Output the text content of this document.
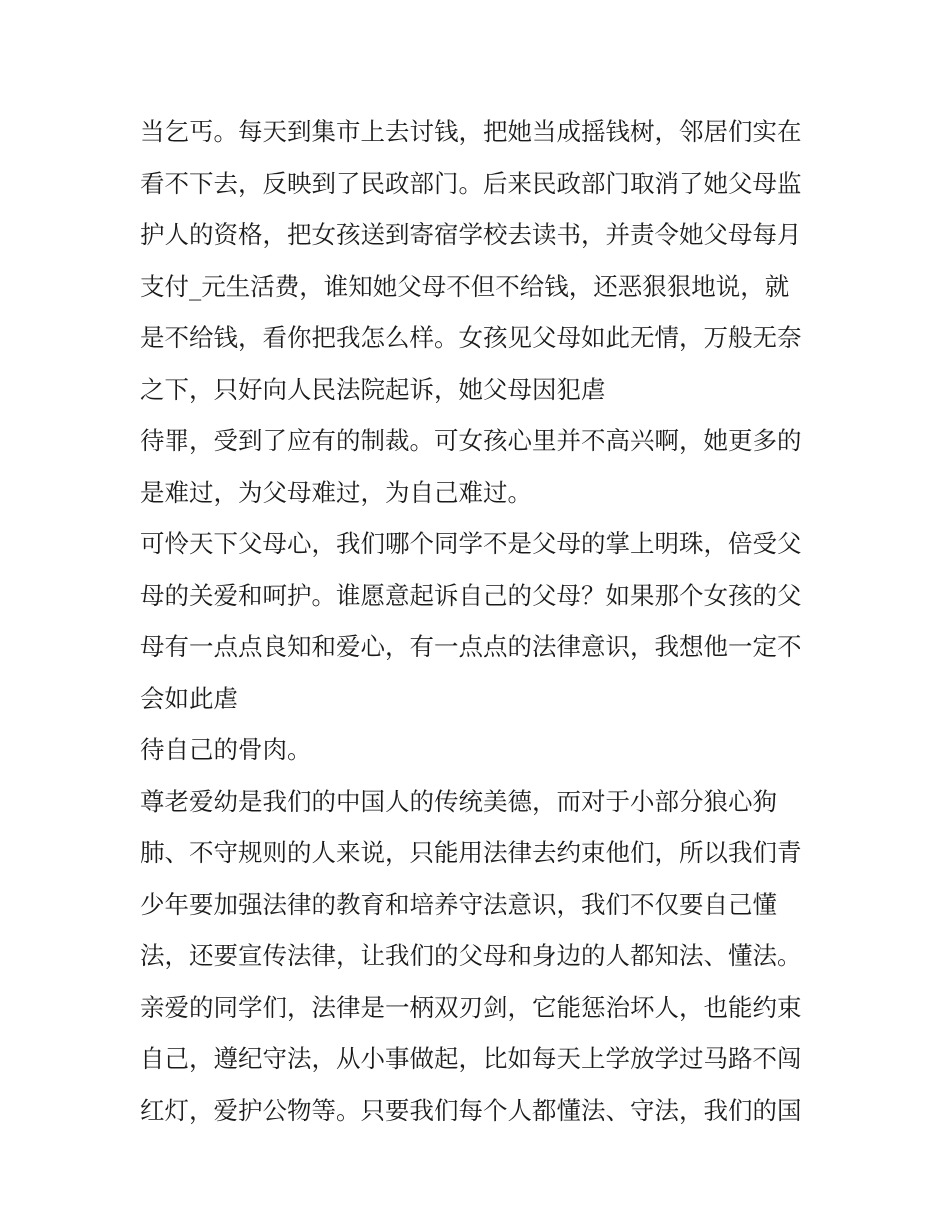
当乞丐。每天到集市上去讨钱，把她当成摇钱树，邻居们实在
看不下去，反映到了民政部门。后来民政部门取消了她父母监
护人的资格，把女孩送到寄宿学校去读书，并责令她父母每月
支付_元生活费，谁知她父母不但不给钱，还恶狠狠地说，就
是不给钱，看你把我怎么样。女孩见父母如此无情，万般无奈
之下，只好向人民法院起诉，她父母因犯虐
待罪，受到了应有的制裁。可女孩心里并不高兴啊，她更多的
是难过，为父母难过，为自己难过。
可怜天下父母心，我们哪个同学不是父母的掌上明珠，倍受父
母的关爱和呵护。谁愿意起诉自己的父母？如果那个女孩的父
母有一点点良知和爱心，有一点点的法律意识，我想他一定不
会如此虐
待自己的骨肉。
尊老爱幼是我们的中国人的传统美德，而对于小部分狼心狗
肺、不守规则的人来说，只能用法律去约束他们，所以我们青
少年要加强法律的教育和培养守法意识，我们不仅要自己懂
法，还要宣传法律，让我们的父母和身边的人都知法、懂法。
亲爱的同学们，法律是一柄双刃剑，它能惩治坏人，也能约束
自己，遵纪守法，从小事做起，比如每天上学放学过马路不闯
红灯，爱护公物等。只要我们每个人都懂法、守法，我们的国
